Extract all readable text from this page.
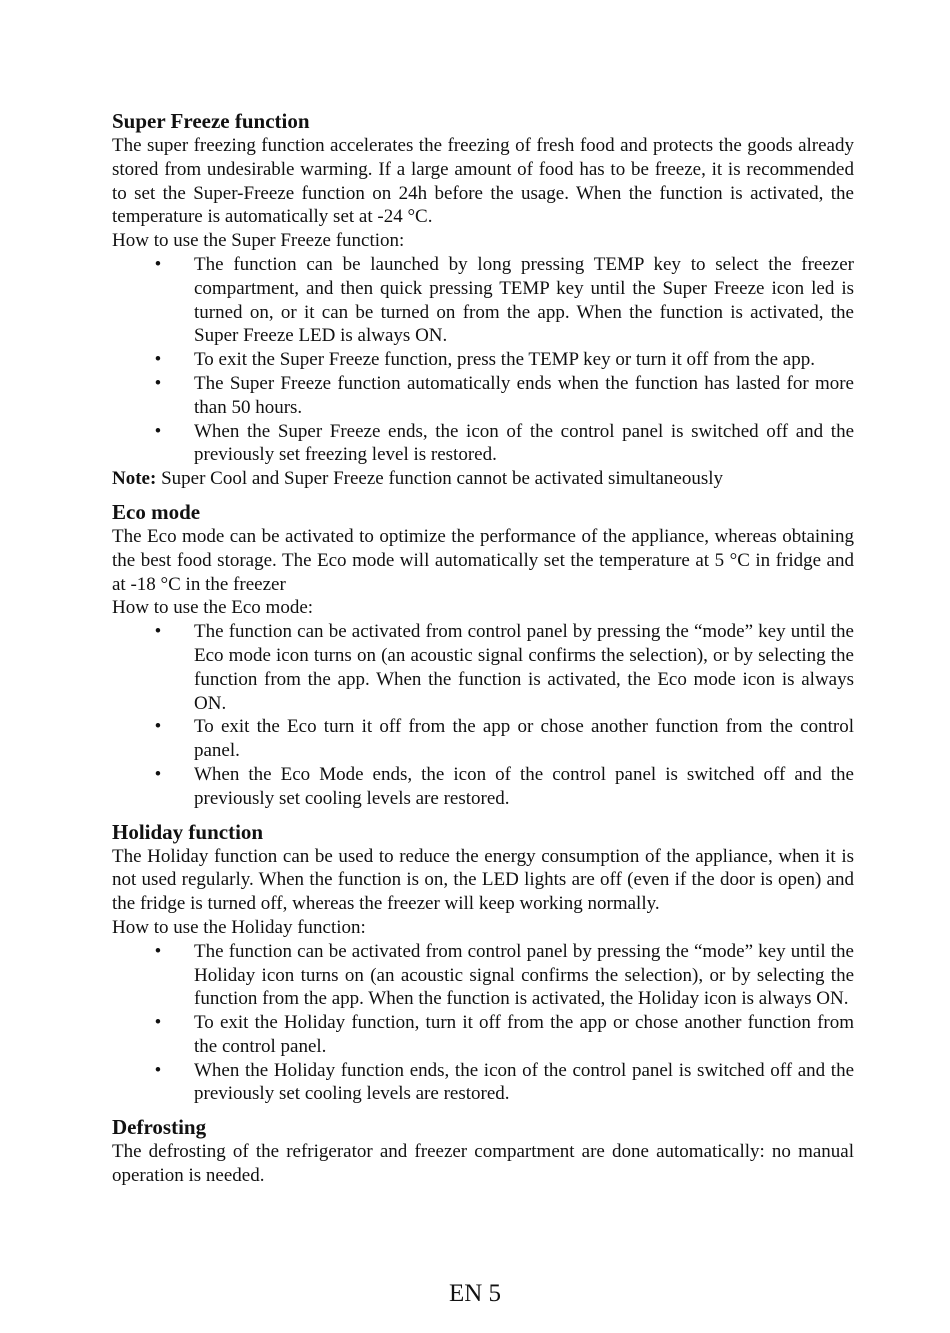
Super Freeze function

The super freezing function accelerates the freezing of fresh food and protects the goods already stored from undesirable warming. If a large amount of food has to be freeze, it is recommended to set the Super-Freeze function on 24h before the usage. When the function is activated, the temperature is automatically set at -24 °C.

How to use the Super Freeze function:

• The function can be launched by long pressing TEMP key to select the freezer compartment, and then quick pressing TEMP key until the Super Freeze icon led is turned on, or it can be turned on from the app. When the function is activated, the Super Freeze LED is always ON.
• To exit the Super Freeze function, press the TEMP key or turn it off from the app.
• The Super Freeze function automatically ends when the function has lasted for more than 50 hours.
• When the Super Freeze ends, the icon of the control panel is switched off and the previously set freezing level is restored.

Note: Super Cool and Super Freeze function cannot be activated simultaneously

Eco mode

The Eco mode can be activated to optimize the performance of the appliance, whereas obtaining the best food storage. The Eco mode will automatically set the temperature at 5 °C in fridge and at -18 °C in the freezer

How to use the Eco mode:

• The function can be activated from control panel by pressing the “mode” key until the Eco mode icon turns on (an acoustic signal confirms the selection), or by selecting the function from the app. When the function is activated, the Eco mode icon is always ON.
• To exit the Eco turn it off from the app or chose another function from the control panel.
• When the Eco Mode ends, the icon of the control panel is switched off and the previously set cooling levels are restored.
Holiday function

The Holiday function can be used to reduce the energy consumption of the appliance, when it is not used regularly. When the function is on, the LED lights are off (even if the door is open) and the fridge is turned off, whereas the freezer will keep working normally.

How to use the Holiday function:

• The function can be activated from control panel by pressing the “mode” key until the Holiday icon turns on (an acoustic signal confirms the selection), or by selecting the function from the app. When the function is activated, the Holiday icon is always ON.
• To exit the Holiday function, turn it off from the app or chose another function from the control panel.
• When the Holiday function ends, the icon of the control panel is switched off and the previously set cooling levels are restored.
Defrosting

The defrosting of the refrigerator and freezer compartment are done automatically: no manual operation is needed.

EN 5
